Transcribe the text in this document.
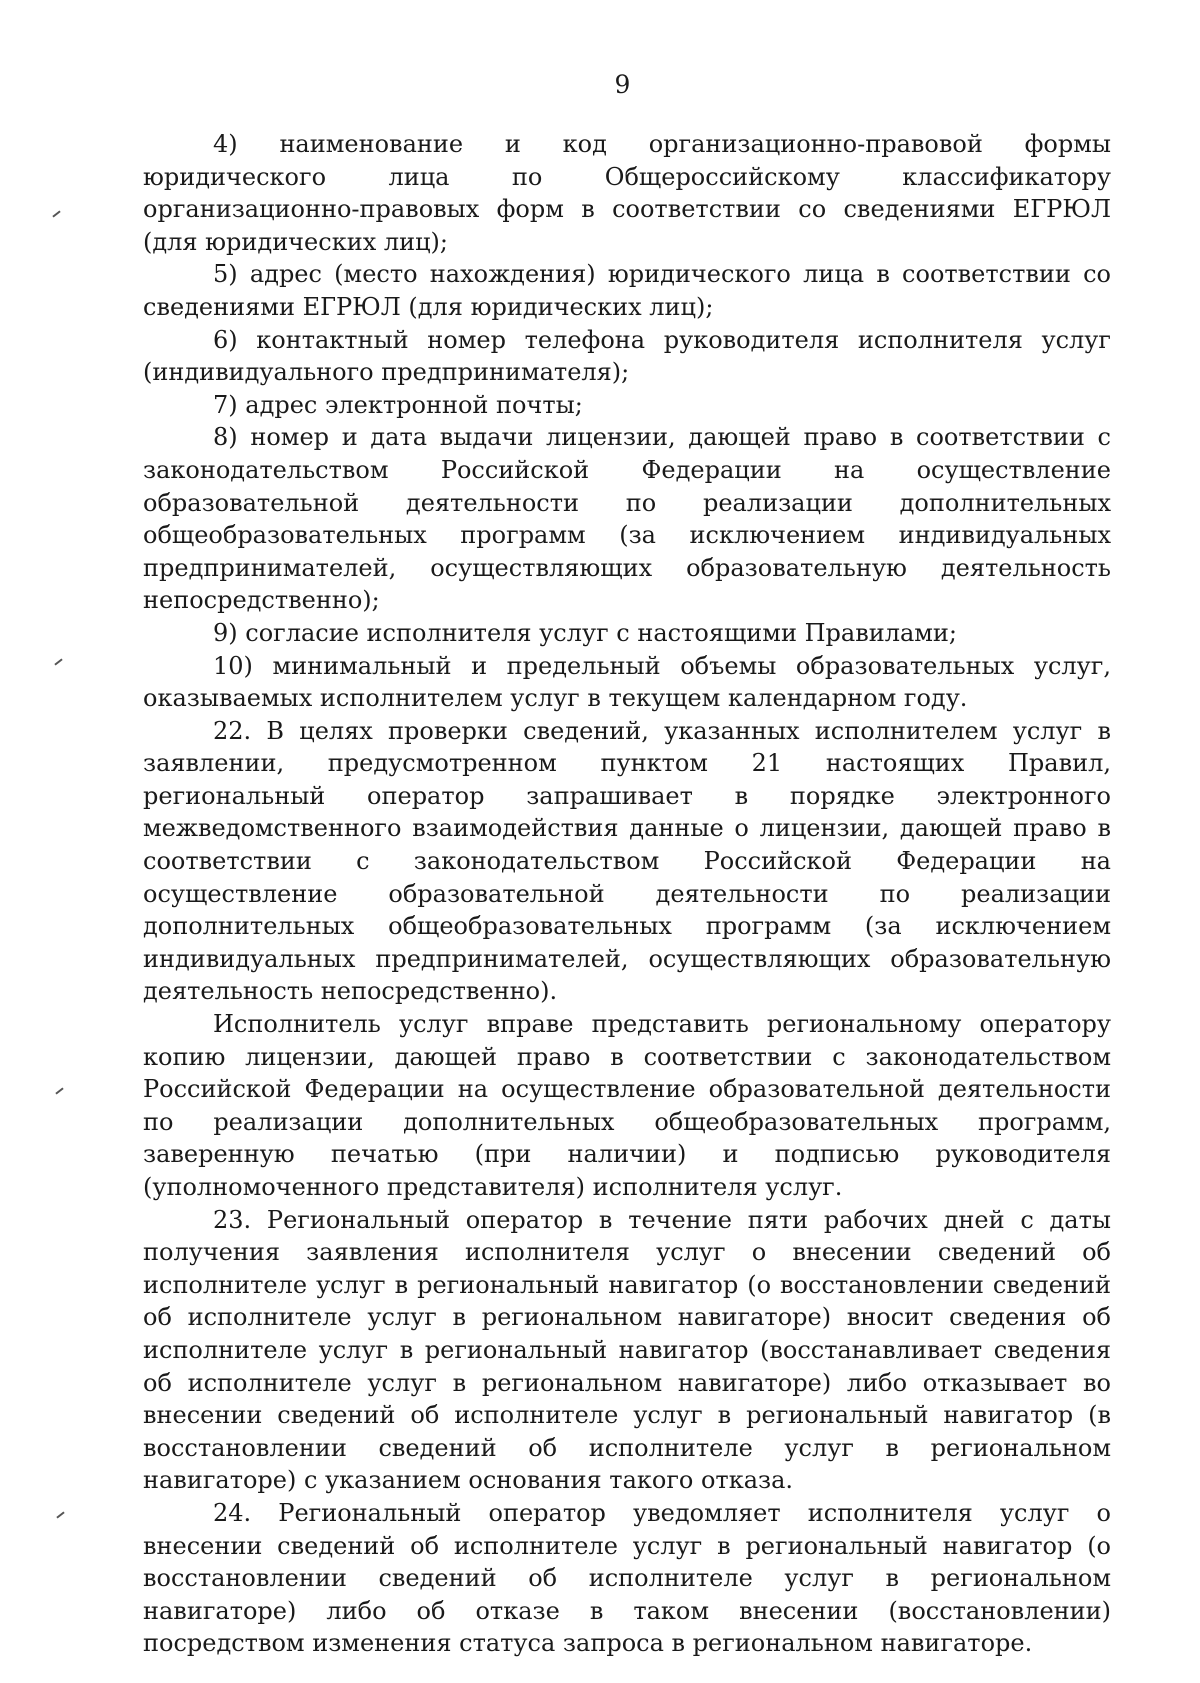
9

4) наименование и код организационно-правовой формы юридического лица по Общероссийскому классификатору организационно-правовых форм в соответствии со сведениями ЕГРЮЛ (для юридических лиц);

5) адрес (место нахождения) юридического лица в соответствии со сведениями ЕГРЮЛ (для юридических лиц);

6) контактный номер телефона руководителя исполнителя услуг (индивидуального предпринимателя);

7) адрес электронной почты;

8) номер и дата выдачи лицензии, дающей право в соответствии с законодательством Российской Федерации на осуществление образовательной деятельности по реализации дополнительных общеобразовательных программ (за исключением индивидуальных предпринимателей, осуществляющих образовательную деятельность непосредственно);

9) согласие исполнителя услуг с настоящими Правилами;

10) минимальный и предельный объемы образовательных услуг, оказываемых исполнителем услуг в текущем календарном году.

22. В целях проверки сведений, указанных исполнителем услуг в заявлении, предусмотренном пунктом 21 настоящих Правил, региональный оператор запрашивает в порядке электронного межведомственного взаимодействия данные о лицензии, дающей право в соответствии с законодательством Российской Федерации на осуществление образовательной деятельности по реализации дополнительных общеобразовательных программ (за исключением индивидуальных предпринимателей, осуществляющих образовательную деятельность непосредственно).

Исполнитель услуг вправе представить региональному оператору копию лицензии, дающей право в соответствии с законодательством Российской Федерации на осуществление образовательной деятельности по реализации дополнительных общеобразовательных программ, заверенную печатью (при наличии) и подписью руководителя (уполномоченного представителя) исполнителя услуг.

23. Региональный оператор в течение пяти рабочих дней с даты получения заявления исполнителя услуг о внесении сведений об исполнителе услуг в региональный навигатор (о восстановлении сведений об исполнителе услуг в региональном навигаторе) вносит сведения об исполнителе услуг в региональный навигатор (восстанавливает сведения об исполнителе услуг в региональном навигаторе) либо отказывает во внесении сведений об исполнителе услуг в региональный навигатор (в восстановлении сведений об исполнителе услуг в региональном навигаторе) с указанием основания такого отказа.

24. Региональный оператор уведомляет исполнителя услуг о внесении сведений об исполнителе услуг в региональный навигатор (о восстановлении сведений об исполнителе услуг в региональном навигаторе) либо об отказе в таком внесении (восстановлении) посредством изменения статуса запроса в региональном навигаторе.
